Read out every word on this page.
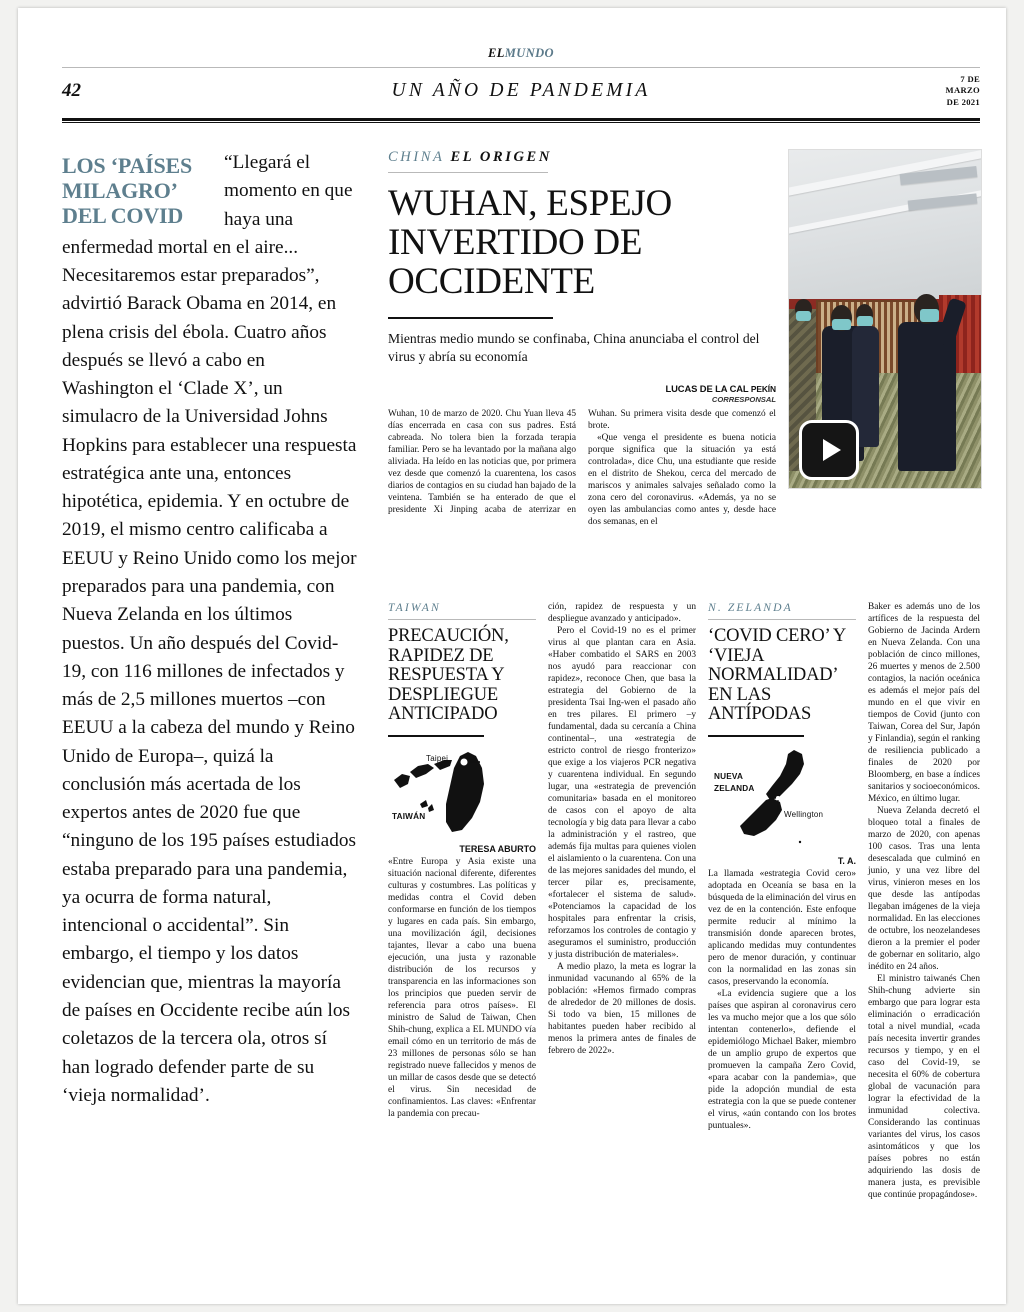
ELMUNDO
42	UN AÑO DE PANDEMIA
7 DE
MARZO
DE 2021
LOS ‘PAÍSES MILAGRO’ DEL COVID
“Llegará el momento en que haya una enfermedad mortal en el aire... Necesitaremos estar preparados”, advirtió Barack Obama en 2014, en plena crisis del ébola. Cuatro años después se llevó a cabo en Washington el ‘Clade X’, un simulacro de la Universidad Johns Hopkins para establecer una respuesta estratégica ante una, entonces hipotética, epidemia. Y en octubre de 2019, el mismo centro calificaba a EEUU y Reino Unido como los mejor preparados para una pandemia, con Nueva Zelanda en los últimos puestos. Un año después del Covid-19, con 116 millones de infectados y más de 2,5 millones muertos –con EEUU a la cabeza del mundo y Reino Unido de Europa–, quizá la conclusión más acertada de los expertos antes de 2020 fue que “ninguno de los 195 países estudiados estaba preparado para una pandemia, ya ocurra de forma natural, intencional o accidental”. Sin embargo, el tiempo y los datos evidencian que, mientras la mayoría de países en Occidente recibe aún los coletazos de la tercera ola, otros sí han logrado defender parte de su ‘vieja normalidad’.
CHINA EL ORIGEN
WUHAN, ESPEJO INVERTIDO DE OCCIDENTE
Mientras medio mundo se confinaba, China anunciaba el control del virus y abría su economía
LUCAS DE LA CAL PEKÍN
CORRESPONSAL

Wuhan, 10 de marzo de 2020. Chu Yuan lleva 45 días encerrada en casa con sus padres. Está cabreada. No tolera bien la forzada terapia familiar. Pero se ha levantado por la mañana algo aliviada. Ha leído en las noticias que, por primera vez desde que comenzó la cuarentena, los casos diarios de contagios en su ciudad han bajado de la veintena. También se ha enterado de que el presidente Xi Jinping acaba de aterrizar en Wuhan. Su primera visita desde que comenzó el brote.

«Que venga el presidente es buena noticia porque significa que la situación ya está controlada», dice Chu, una estudiante que reside en el distrito de Shekou, cerca del mercado de mariscos y animales salvajes señalado como la zona cero del coronavirus. «Además, ya no se oyen las ambulancias como antes y, desde hace dos semanas, en el

TAIWAN
PRECAUCIÓN, RAPIDEZ DE RESPUESTA Y DESPLIEGUE ANTICIPADO
Taipei
TAIWÁN
TERESA ABURTO

«Entre Europa y Asia existe una situación nacional diferente, diferentes culturas y costumbres. Las políticas y medidas contra el Covid deben conformarse en función de los tiempos y lugares en cada país. Sin embargo, una movilización ágil, decisiones tajantes, llevar a cabo una buena ejecución, una justa y razonable distribución de los recursos y transparencia en las informaciones son los principios que pueden servir de referencia para otros países». El ministro de Salud de Taiwan, Chen Shih-chung, explica a EL MUNDO vía email cómo en un territorio de más de 23 millones de personas sólo se han registrado nueve fallecidos y menos de un millar de casos desde que se detectó el virus. Sin necesidad de confinamientos. Las claves: «Enfrentar la pandemia con precau-

ción, rapidez de respuesta y un despliegue avanzado y anticipado».

Pero el Covid-19 no es el primer virus al que plantan cara en Asia. «Haber combatido el SARS en 2003 nos ayudó para reaccionar con rapidez», reconoce Chen, que basa la estrategia del Gobierno de la presidenta Tsai Ing-wen el pasado año en tres pilares. El primero –y fundamental, dada su cercanía a China continental–, una «estrategia de estricto control de riesgo fronterizo» que exige a los viajeros PCR negativa y cuarentena individual. En segundo lugar, una «estrategia de prevención comunitaria» basada en el monitoreo de casos con el apoyo de alta tecnología y big data para llevar a cabo la administración y el rastreo, que además fija multas para quienes violen el aislamiento o la cuarentena. Con una de las mejores sanidades del mundo, el tercer pilar es, precisamente, «fortalecer el sistema de salud». «Potenciamos la capacidad de los hospitales para enfrentar la crisis, reforzamos los controles de contagio y aseguramos el suministro, producción y justa distribución de materiales».

A medio plazo, la meta es lograr la inmunidad vacunando al 65% de la población: «Hemos firmado compras de alrededor de 20 millones de dosis. Si todo va bien, 15 millones de habitantes pueden haber recibido al menos la primera antes de finales de febrero de 2022».

N. ZELANDA
‘COVID CERO’ Y ‘VIEJA NORMALIDAD’ EN LAS ANTÍPODAS
NUEVA
ZELANDA
Wellington
T. A.

La llamada «estrategia Covid cero» adoptada en Oceanía se basa en la búsqueda de la eliminación del virus en vez de en la contención. Este enfoque permite reducir al mínimo la transmisión donde aparecen brotes, aplicando medidas muy contundentes pero de menor duración, y continuar con la normalidad en las zonas sin casos, preservando la economía.

«La evidencia sugiere que a los países que aspiran al coronavirus cero les va mucho mejor que a los que sólo intentan contenerlo», defiende el epidemiólogo Michael Baker, miembro de un amplio grupo de expertos que promueven la campaña Zero Covid, «para acabar con la pandemia», que pide la adopción mundial de esta estrategia con la que se puede contener el virus, «aún contando con los brotes puntuales».

Baker es además uno de los artífices de la respuesta del Gobierno de Jacinda Ardern en Nueva Zelanda. Con una población de cinco millones, 26 muertes y menos de 2.500 contagios, la nación oceánica es además el mejor país del mundo en el que vivir en tiempos de Covid (junto con Taiwan, Corea del Sur, Japón y Finlandia), según el ranking de resiliencia publicado a finales de 2020 por Bloomberg, en base a índices sanitarios y socioeconómicos. México, en último lugar.

Nueva Zelanda decretó el bloqueo total a finales de marzo de 2020, con apenas 100 casos. Tras una lenta desescalada que culminó en junio, y una vez libre del virus, vinieron meses en los que desde las antípodas llegaban imágenes de la vieja normalidad. En las elecciones de octubre, los neozelandeses dieron a la premier el poder de gobernar en solitario, algo inédito en 24 años.

El ministro taiwanés Chen Shih-chung advierte sin embargo que para lograr esta eliminación o erradicación total a nivel mundial, «cada país necesita invertir grandes recursos y tiempo, y en el caso del Covid-19, se necesita el 60% de cobertura global de vacunación para lograr la efectividad de la inmunidad colectiva. Considerando las continuas variantes del virus, los casos asintomáticos y que los países pobres no están adquiriendo las dosis de manera justa, es previsible que continúe propagándose».
